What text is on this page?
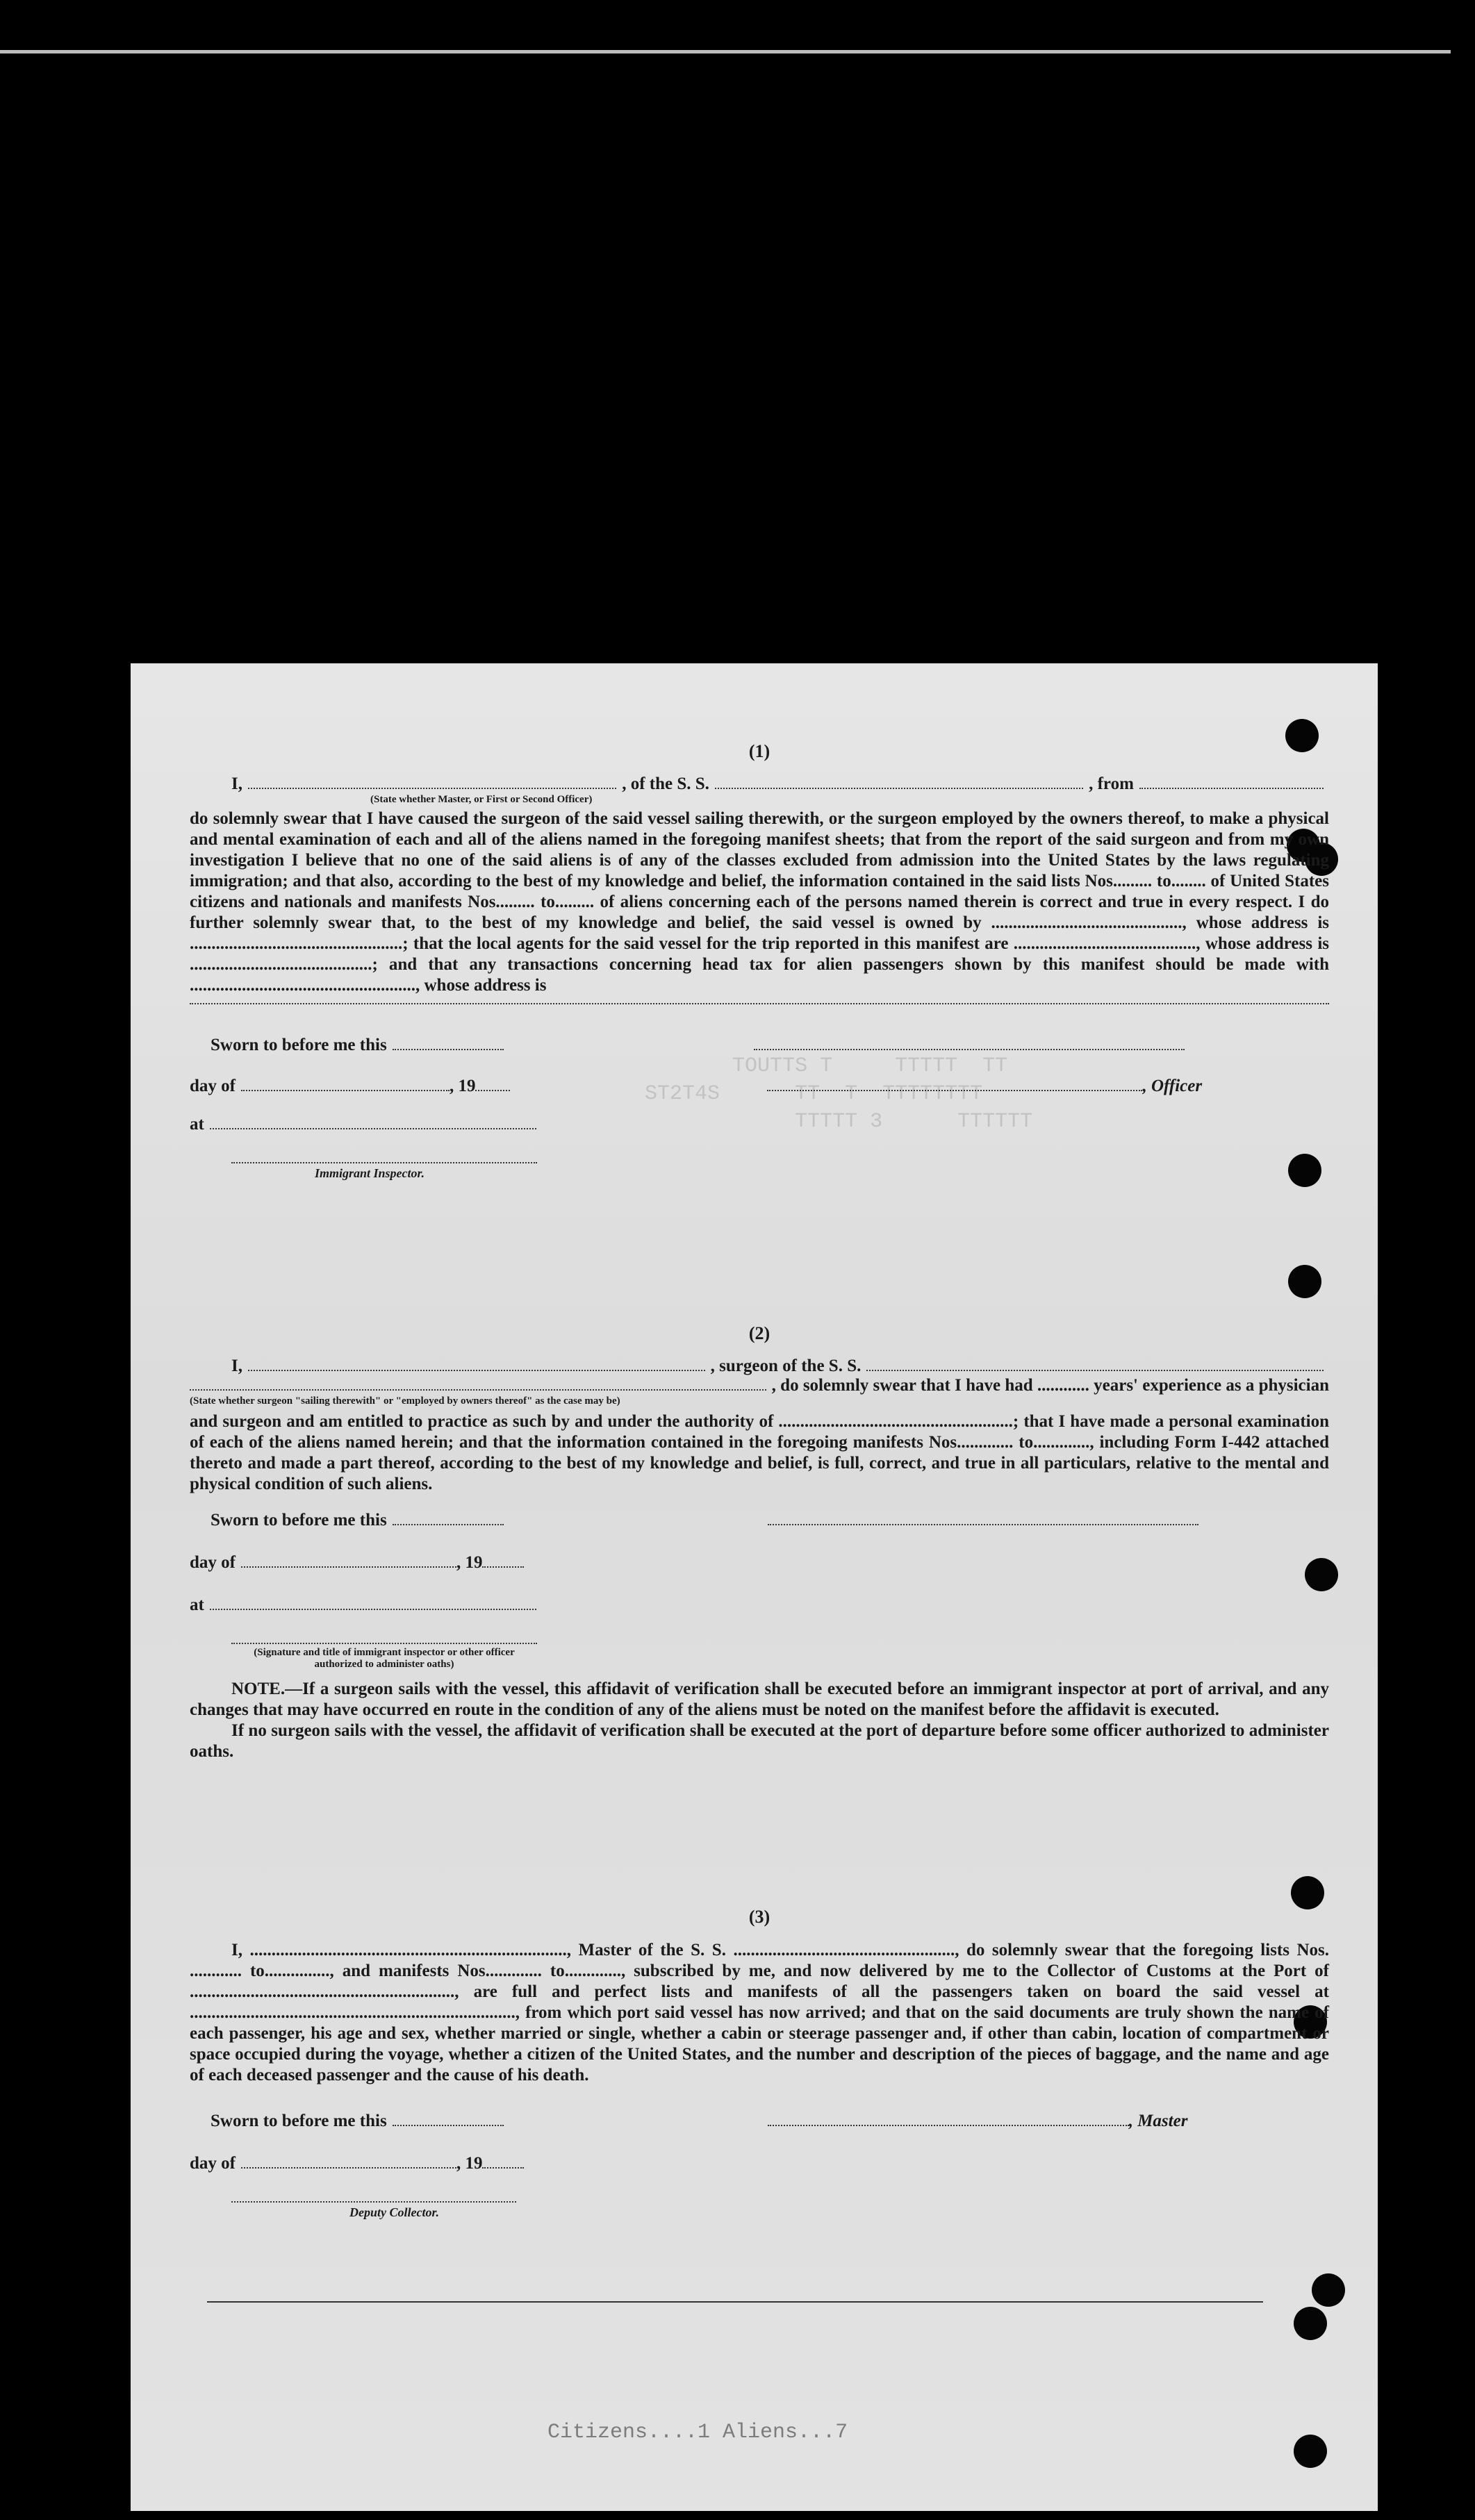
TOUTTS T     TTTTT  TT
ST2T4S      TT  T  TTTTTTTT
TTTTT 3      TTTTTT
(1)
I,	, of the S. S.	, from
(State whether Master, or First or Second Officer)
do solemnly swear that I have caused the surgeon of the said vessel sailing therewith, or the surgeon employed by the owners thereof, to make a physical and mental examination of each and all of the aliens named in the foregoing manifest sheets; that from the report of the said surgeon and from my own investigation I believe that no one of the said aliens is of any of the classes excluded from admission into the United States by the laws regulating immigration; and that also, according to the best of my knowledge and belief, the information contained in the said lists Nos......... to........ of United States citizens and nationals and manifests Nos......... to......... of aliens concerning each of the persons named therein is correct and true in every respect. I do further solemnly swear that, to the best of my knowledge and belief, the said vessel is owned by ............................................, whose address is .................................................; that the local agents for the said vessel for the trip reported in this manifest are .........................................., whose address is ..........................................; and that any transactions concerning head tax for alien passengers shown by this manifest should be made with ...................................................., whose address is
Sworn to before me this
day of	, 19	, Officer
at
Immigrant Inspector.
(2)
I,	, surgeon of the S. S.
, do solemnly swear that I have had ............ years' experience as a physician
(State whether surgeon "sailing therewith" or "employed by owners thereof" as the case may be)
and surgeon and am entitled to practice as such by and under the authority of ......................................................; that I have made a personal examination of each of the aliens named herein; and that the information contained in the foregoing manifests Nos............. to............., including Form I-442 attached thereto and made a part thereof, according to the best of my knowledge and belief, is full, correct, and true in all particulars, relative to the mental and physical condition of such aliens.
Sworn to before me this
day of	, 19
at
(Signature and title of immigrant inspector or other officer authorized to administer oaths)
NOTE.—If a surgeon sails with the vessel, this affidavit of verification shall be executed before an immigrant inspector at port of arrival, and any changes that may have occurred en route in the condition of any of the aliens must be noted on the manifest before the affidavit is executed.
If no surgeon sails with the vessel, the affidavit of verification shall be executed at the port of departure before some officer authorized to administer oaths.
(3)
I, ........................................................................., Master of the S. S. ..................................................., do solemnly swear that the foregoing lists Nos. ............ to..............., and manifests Nos............. to............., subscribed by me, and now delivered by me to the Collector of Customs at the Port of ............................................................., are full and perfect lists and manifests of all the passengers taken on board the said vessel at ..........................................................................., from which port said vessel has now arrived; and that on the said documents are truly shown the name of each passenger, his age and sex, whether married or single, whether a cabin or steerage passenger and, if other than cabin, location of compartment or space occupied during the voyage, whether a citizen of the United States, and the number and description of the pieces of baggage, and the name and age of each deceased passenger and the cause of his death.
Sworn to before me this	, Master
day of	, 19
Deputy Collector.
Citizens....1 Aliens...7
